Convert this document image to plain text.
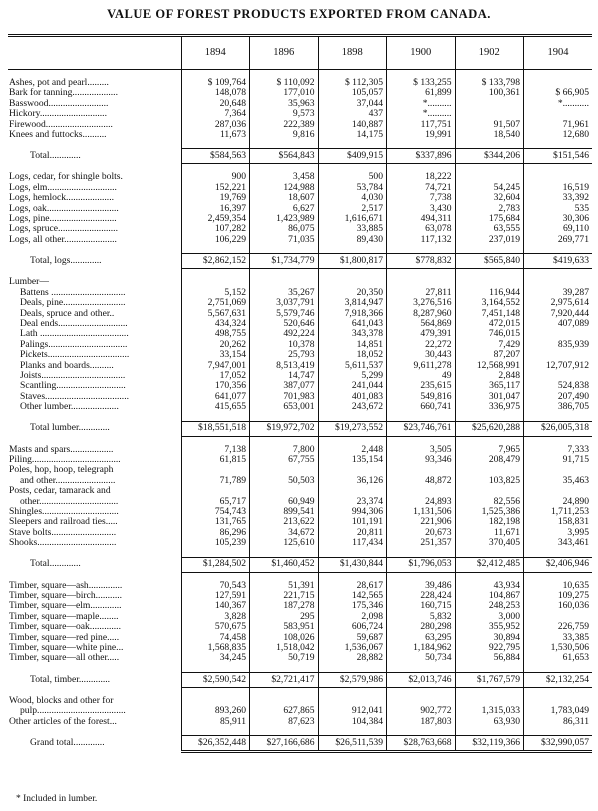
VALUE OF FOREST PRODUCTS EXPORTED FROM CANADA.
	1894	1896	1898	1900	1902	1904

Ashes, pot and pearl.........	$ 109,764	$ 110,092	$ 112,305	$ 133,255	$ 133,798	
Bark for tanning...................	148,078	177,010	105,057	61,899	100,361	$ 66,905
Basswood.........................	20,648	35,963	37,044	*..........		*...........
Hickory............................	7,364	9,573	437	*..........		
Firewood............................	287,036	222,389	140,887	117,751	91,507	71,961
Knees and futtocks..........	11,673	9,816	14,175	19,991	18,540	12,680

Total.............	$584,563	$564,843	$409,915	$337,896	$344,206	$151,546

Logs, cedar, for shingle bolts.	900	3,458	500	18,222		
Logs, elm.............................	152,221	124,988	53,784	74,721	54,245	16,519
Logs, hemlock....................	19,769	18,607	4,030	7,738	32,604	33,392
Logs, oak..............................	16,397	6,627	2,517	3,430	2,783	535
Logs, pine............................	2,459,354	1,423,989	1,616,671	494,311	175,684	30,306
Logs, spruce.........................	107,282	86,075	33,885	63,078	63,555	69,110
Logs, all other......................	106,229	71,035	89,430	117,132	237,019	269,771

Total, logs.............	$2,862,152	$1,734,779	$1,800,817	$778,832	$565,840	$419,633

Lumber—						
Battens ...............................	5,152	35,267	20,350	27,811	116,944	39,287
Deals, pine..........................	2,751,069	3,037,791	3,814,947	3,276,516	3,164,552	2,975,614
Deals, spruce and other..	5,567,631	5,579,746	7,918,366	8,287,960	7,451,148	7,920,444
Deal ends.............................	434,324	520,646	641,043	564,869	472,015	407,089
Lath .....................................	498,755	492,224	343,378	479,391	746,015	
Palings.................................	20,262	10,378	14,851	22,272	7,429	835,939
Pickets..................................	33,154	25,793	18,052	30,443	87,207	
Planks and boards..........	7,947,001	8,513,419	5,611,537	9,611,278	12,568,991	12,707,912
Joists...................................	17,052	14,747	5,299	49	2,848	
Scantling.............................	170,356	387,077	241,044	235,615	365,117	524,838
Staves...................................	641,077	701,983	401,083	549,816	301,047	207,490
Other lumber....................	415,655	653,001	243,672	660,741	336,975	386,705

Total lumber.............	$18,551,518	$19,972,702	$19,273,552	$23,746,761	$25,620,288	$26,005,318

Masts and spars..................	7,138	7,800	2,448	3,505	7,965	7,333
Piling.....................................	61,815	67,755	135,154	93,346	208,479	91,715
Poles, hop, hoop, telegraph						
and other.........................	71,789	50,503	36,126	48,872	103,825	35,463
Posts, cedar, tamarack and						
other.................................	65,717	60,949	23,374	24,893	82,556	24,890
Shingles................................	754,743	899,541	994,306	1,131,506	1,525,386	1,711,253
Sleepers and railroad ties.....	131,765	213,622	101,191	221,906	182,198	158,831
Stave bolts...........................	86,296	34,672	20,811	20,673	11,671	3,995
Shooks.................................	105,239	125,610	117,434	251,357	370,405	343,461

Total.............	$1,284,502	$1,460,452	$1,430,844	$1,796,053	$2,412,485	$2,406,946

Timber, square—ash..............	70,543	51,391	28,617	39,486	43,934	10,635
Timber, square—birch...........	127,591	221,715	142,565	228,424	104,867	109,275
Timber, square—elm.............	140,367	187,278	175,346	160,715	248,253	160,036
Timber, square—maple........	3,828	295	2,098	5,832	3,000	
Timber, square—oak.............	570,675	583,951	606,724	280,298	355,952	226,759
Timber, square—red pine.....	74,458	108,026	59,687	63,295	30,894	33,385
Timber, square—white pine...	1,568,835	1,518,042	1,536,067	1,184,962	922,795	1,530,506
Timber, square—all other.....	34,245	50,719	28,882	50,734	56,884	61,653

Total, timber.............	$2,590,542	$2,721,417	$2,579,986	$2,013,746	$1,767,579	$2,132,254

Wood, blocks and other for						
pulp.....................................	893,260	627,865	912,041	902,772	1,315,033	1,783,049
Other articles of the forest...	85,911	87,623	104,384	187,803	63,930	86,311

Grand total.............	$26,352,448	$27,166,686	$26,511,539	$28,763,668	$32,119,366	$32,990,057
* Included in lumber.
